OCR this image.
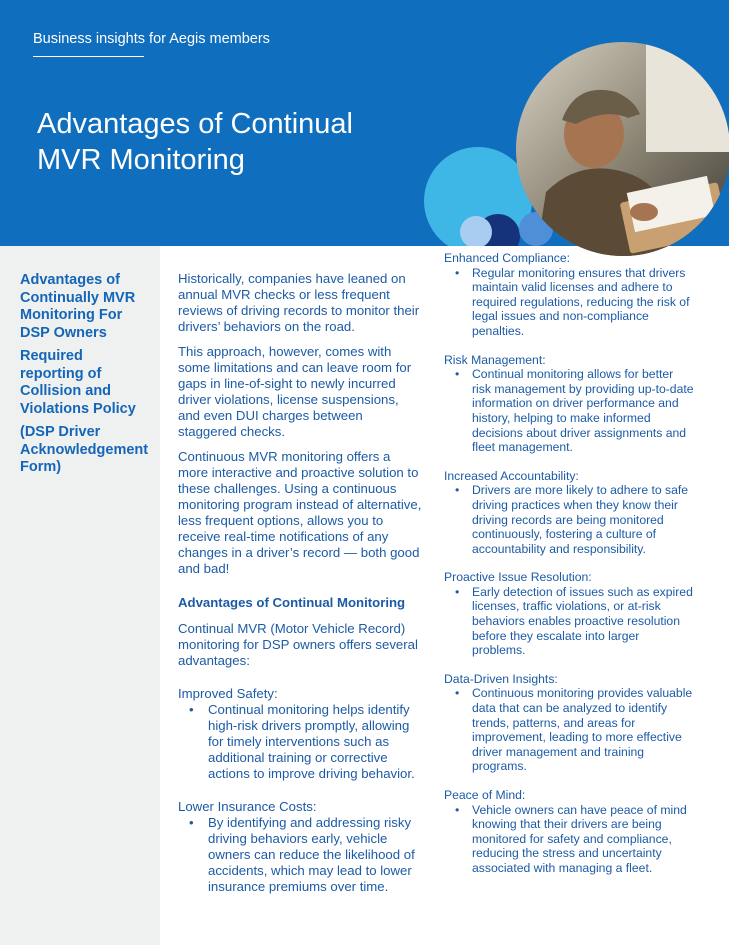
Business insights for Aegis members
Advantages of Continual MVR Monitoring
Advantages of Continually MVR Monitoring For DSP Owners
Required reporting of Collision and Violations Policy
(DSP Driver Acknowledgement Form)

Historically, companies have leaned on annual MVR checks or less frequent reviews of driving records to monitor their drivers’ behaviors on the road.

This approach, however, comes with some limitations and can leave room for gaps in line-of-sight to newly incurred driver violations, license suspensions, and even DUI charges between staggered checks.

Continuous MVR monitoring offers a more interactive and proactive solution to these challenges. Using a continuous monitoring program instead of alternative, less frequent options, allows you to receive real-time notifications of any changes in a driver’s record — both good and bad!

Advantages of Continual Monitoring

Continual MVR (Motor Vehicle Record) monitoring for DSP owners offers several advantages:

Improved Safety:
• Continual monitoring helps identify high-risk drivers promptly, allowing for timely interventions such as additional training or corrective actions to improve driving behavior.
Lower Insurance Costs:
• By identifying and addressing risky driving behaviors early, vehicle owners can reduce the likelihood of accidents, which may lead to lower insurance premiums over time.
Enhanced Compliance:
• Regular monitoring ensures that drivers maintain valid licenses and adhere to required regulations, reducing the risk of legal issues and non-compliance penalties.
Risk Management:
• Continual monitoring allows for better risk management by providing up-to-date information on driver performance and history, helping to make informed decisions about driver assignments and fleet management.
Increased Accountability:
• Drivers are more likely to adhere to safe driving practices when they know their driving records are being monitored continuously, fostering a culture of accountability and responsibility.
Proactive Issue Resolution:
• Early detection of issues such as expired licenses, traffic violations, or at-risk behaviors enables proactive resolution before they escalate into larger problems.
Data-Driven Insights:
• Continuous monitoring provides valuable data that can be analyzed to identify trends, patterns, and areas for improvement, leading to more effective driver management and training programs.
Peace of Mind:
• Vehicle owners can have peace of mind knowing that their drivers are being monitored for safety and compliance, reducing the stress and uncertainty associated with managing a fleet.
